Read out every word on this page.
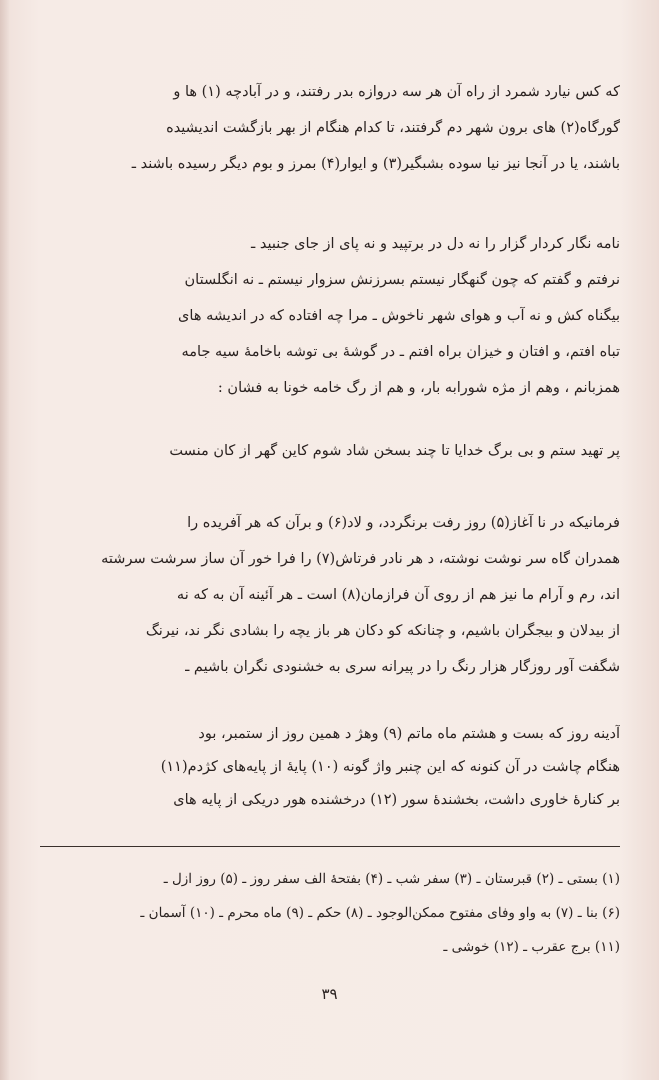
که کس نیارد شمرد از راه آن هر سه دروازه بدر رفتند، و در آبادچه (۱) ها و
گورگاه(۲) های برون شهر دم گرفتند، تا کدام هنگام از بهر بازگشت اندیشیده
باشند، یا در آنجا نیز نیا سوده بشبگیر(۳) و ایوار(۴) بمرز و بوم دیگر رسیده باشند ـ
نامه نگار کردار گزار را نه دل در برتپید و نه پای از جای جنبید ـ
نرفتم و گفتم که چون گنهگار نیستم بسرزنش سزوار نیستم ـ نه انگلستان
بیگناه کش و نه آب و هوای شهر ناخوش ـ مرا چه افتاده که در اندیشه های
تباه افتم، و افتان و خیزان براه افتم ـ در گوشهٔ بی توشه باخامهٔ سیه جامه
همزبانم ، وهم از مژه شورابه بار، و هم از رگ خامه خونا به فشان :
پر تهید ستم و بی برگ خدایا تا چند بسخن شاد شوم کاین گهر از کان منست
فرمانیکه در نا آغاز(۵) روز رفت برنگردد، و لاد(۶) و برآن که هر آفریده را
همدران گاه سر نوشت نوشته، د هر نادر فرتاش(۷) را فرا خور آن ساز سرشت سرشته
اند، رم و آرام ما نیز هم از روی آن فرازمان(۸) است ـ هر آئینه آن به که نه
از بیدلان و بیجگران باشیم، و چنانکه کو دکان هر باز یچه را بشادی نگر ند، نیرنگ
شگفت آور روزگار هزار رنگ را در پیرانه سری به خشنودی نگران باشیم ـ
آدینه روز که بست و هشتم ماه ماتم (۹) وهژ د همین روز از ستمبر، بود
هنگام چاشت در آن کنونه که این چنبر واژ گونه (۱۰) پایهٔ از پایه‌های کژدم(۱۱)
بر کنارهٔ خاوری داشت، بخشندهٔ سور (۱۲) درخشنده هور دریکی از پایه های
(۱) بستی ـ (۲) قبرستان ـ (۳) سفر شب ـ (۴) بفتحهٔ الف سفر روز ـ (۵) روز ازل ـ
(۶) بنا ـ (۷) به واو وفای مفتوح ممکن‌الوجود ـ (۸) حکم ـ (۹) ماه محرم ـ (۱۰) آسمان ـ
(۱۱) برج عقرب ـ (۱۲) خوشی ـ
۳۹
